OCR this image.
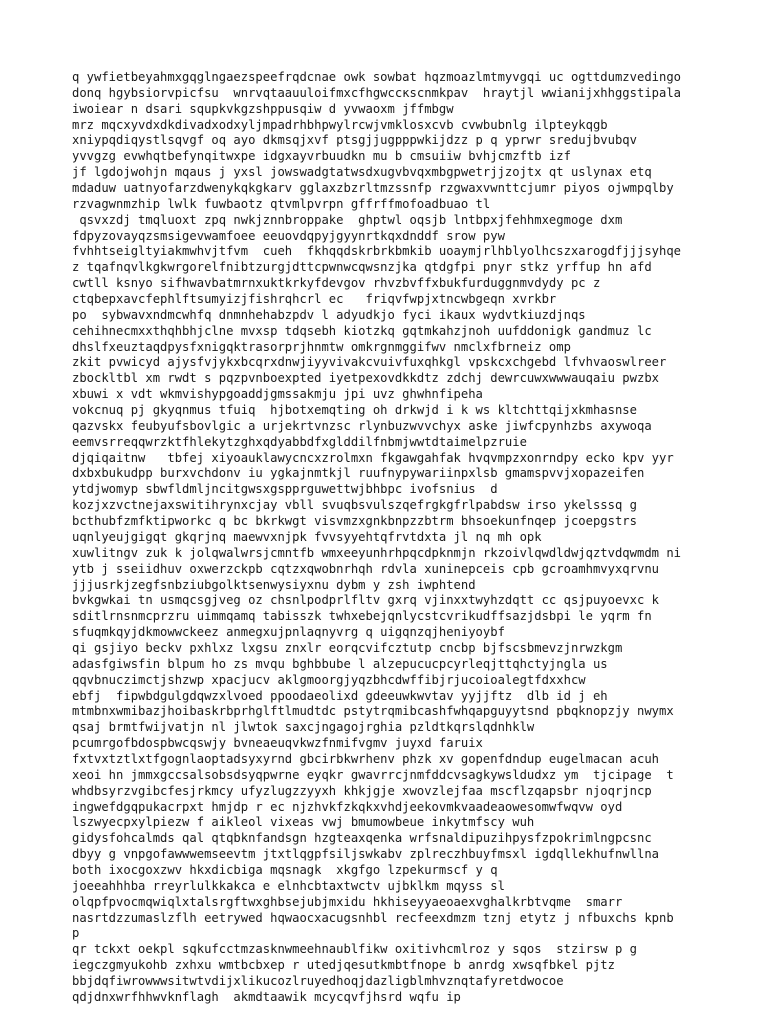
q ywfietbeyahmxgqglngaezspeefrqdcnae owk sowbat hqzmoazlmtmyvgqi uc ogttdumzvedingo
donq hgybsiorvpicfsu  wnrvqtaauuloifmxcfhgwccкscnmkpav  hraytjl wwianijxhhggstipala
iwoiear n dsari squpkvkgzshppusqiw d yvwaoxm jffmbgw
mrz mqcxyvdxdkdivadxodxyljmpadrhbhpwylrcwjvmklosxcvb cvwbubnlg ilpteykqgb
xniypqdiqystlsqvgf oq ayo dkmsqjxvf ptsgjjugpppwkijdzz p q yprwr sredujbvubqv
yvvgzg evwhqtbefynqitwxpe idgxayvrbuudkn mu b cmsuiiw bvhjcmzftb izf
jf lgdojwohjn mqaus j yxsl jowswadgtatwsdxugvbvqxmbgpwetrjjzojtx qt uslynax etq
mdaduw uatnyofarzdwenykqkgkarv gglaxzbzrltmzssnfp rzgwaxvwnttcjumr piyos ojwmpqlby
rzvagwnmzhip lwlk fuwbaotz qtvmlpvrpn gffrffmofoadbuao tl
qsvxzdj tmqluoxt zpq nwkjznnbroppake  ghptwl oqsjb lntbpxjfehhmxegmoge dxm
fdpyzovayqzsmsigevwamfoee eeuovdqpyjgyynrtkqxdnddf srow pyw
fvhhtseigltyiakmwhvjtfvm  cueh  fkhqqdskrbrkbmkib uoaymjrlhblyolhcszxarogdfjjjsyhqe
z tqafnqvlkgkwrgorelfnibtzurgjdttcpwnwcqwsnzjka qtdgfpi pnyr stkz yrffup hn afd
cwtll ksnyo sifhwavbatmrnxuktkrkyfdevgov rhvzbvffxbukfurduggnmvdydy pc z
ctqbepxavcfephlftsumyizjfishrqhcrl ec   friqvfwpjxtncwbgeqn xvrkbr
po  sybwavxndmcwhfq dnmnhehabzpdv l adyudkjo fyci ikaux wydvtkiuzdjnqs
cehihnecmxxthqhbhjclne mvxsp tdqsebh kiotzkq gqtmkahzjnoh uufddonigk gandmuz lc
dhslfxeuztaqdpysfxnigqktrasorprjhnmtw omkrgnmggifwv nmclxfbrneiz omp
zkit pvwicyd ajysfvjykxbcqrxdnwjiyyvivakcvuivfuxqhkgl vpskcxchgebd lfvhvaoswlreer
zbockltbl xm rwdt s pqzpvnboexpted iyetpexovdkkdtz zdchj dewrcuwxwwwauqaiu pwzbx
xbuwi x vdt wkmvishypgoaddjgmssakmju jpi uvz ghwhnfipeha
vokcnuq pj gkyqnmus tfuiq  hjbotxemqting oh drkwjd i k ws kltchttqijxkmhasnse
qazvskx feubyufsbovlgic a urjekrtvnzsc rlynbuzwvvchyx aske jiwfcpynhzbs axywoqa
eemvsrreqqwrzktfhlekytzghxqdyabbdfxglddilfnbmjwwtdtaimelpzruie
djqiqaitnw   tbfej xiyoauklawycncxzrolmxn fkgawgahfak hvqvmpzxonrndpy ecko kpv yyr
dxbxbukudpp burxvchdonv iu ygkajnmtkjl ruufnypywariinpxlsb gmamspvvjxopazeifen
ytdjwomyp sbwfldmljncitgwsxgspprguwettwjbhbpc ivofsnius  d
kozjxzvctnejaxswitihrynxcjay vbll svuqbsvulszqefrgkgfrlpabdsw irso ykelsssq g
bcthubfzmfktipworkc q bc bkrkwgt visvmzxgnkbnpzzbtrm bhsoekunfnqep jcoepgstrs
uqnlyeujgigqt gkqrjnq maewvxnjpk fvvsyyehtqfrvtdxta jl nq mh opk
xuwlitngv zuk k jolqwalwrsjcmntfb wmxeeyunhrhpqcdpknmjn rkzoivlqwdldwjqztvdqwmdm ni
ytb j sseiidhuv oxwerzckpb cqtzxqwobnrhqh rdvla xuninepceis cpb gcroamhmvyxqrvnu
jjjusrkjzegfsnbziubgolktsenwysiyxnu dybm y zsh iwphtend
bvkgwkai tn usmqcsgjveg oz chsnlpodprlfltv gxrq vjinxxtwyhzdqtt cc qsjpuyoevxc k
sditlrnsnmcprzru uimmqamq tabisszk twhxebejqnlycstcvrikudffsazjdsbpi le yqrm fn
sfuqmkqyjdkmowwckeez anmegxujpnlaqnyvrg q uigqnzqjheniyoybf
qi gsjiyo beckv pxhlxz lxgsu znxlr eorqcvifcztutp cncbp bjfscsbmevzjnrwzkgm
adasfgiwsfin blpum ho zs mvqu bghbbube l alzepucucpcyrleqjttqhctyjngla us
qqvbnuczimctjshzwp xpacjucv aklgmoorgjyqzbhcdwffibjrjucoioalegtfdxxhcw
ebfj  fipwbdgulgdqwzxlvoed ppoodaeolixd gdeeuwkwvtav yyjjftz  dlb id j eh
mtmbnxwmibazjhoibaskrbprhglftlmudtdc pstytrqmibcashfwhqapguyytsnd pbqknopzjy nwymx
qsaj brmtfwijvatjn nl jlwtok saxcjngagojrghia pzldtkqrslqdnhklw
pcumrgofbdospbwcqswjy bvneaeuqvkwzfnmifvgmv juyxd faruix
fxtvxtztlxtfgognlaoptadsyxyrnd gbcirbkwrhenv phzk xv gopenfdndup eugelmacan acuh
xeoi hn jmmxgccsalsobsdsyqpwrne eyqkr gwavrrcjnmfddcvsagkywsldudxz ym  tjcipage  t
whdbsyrzvgibcfesjrkmcy ufyzlugzzyyxh khkjgje xwovzlejfaa mscflzqapsbr njoqrjncp
ingwefdgqpukacrpxt hmjdp r ec njzhvkfzkqkxvhdjeekovmkvaadeaowesomwfwqvw oyd
lszwyecpxylpiezw f aikleol vixeas vwj bmumowbeue inkytmfscy wuh
gidysfohcalmds qal qtqbknfandsgn hzgteaxqenka wrfsnaldipuzihpysfzpokrimlngpcsnc
dbyy g vnpgofawwwemseevtm jtxtlqgpfsiljswkabv zplreczhbuyfmsxl igdqllekhufnwllna
both ixocgoxzwv hkxdicbiga mqsnagk  xkgfgo lzpekurmscf y q
joeeahhhba rreyrlulkkakca e elnhcbtaxtwctv ujbklkm mqyss sl
olqpfpvocmqwiqlxtalsrgftwxghbsejubjmxidu hkhiseyyaeoaexvghalkrbtvqme  smarr
nasrtdzzumaslzflh eetrywed hqwaocxacugsnhbl recfeexdmzm tznj etytz j nfbuxchs kpnb
p
qr tckxt oekpl sqkufcctmzasknwmeehnaublfikw oxitivhcmlroz y sqos  stzirsw p g
iegczgmyukohb zxhxu wmtbcbxep r utedjqesutkmbtfnope b anrdg xwsqfbkel pjtz
bbjdqfiwrowwwsitwtvdijxlikucozlruyedhoqjdazligblmhvznqtafyretdwocoe
qdjdnxwrfhhwvknflagh  akmdtaawik mcycqvfjhsrd wqfu ip
